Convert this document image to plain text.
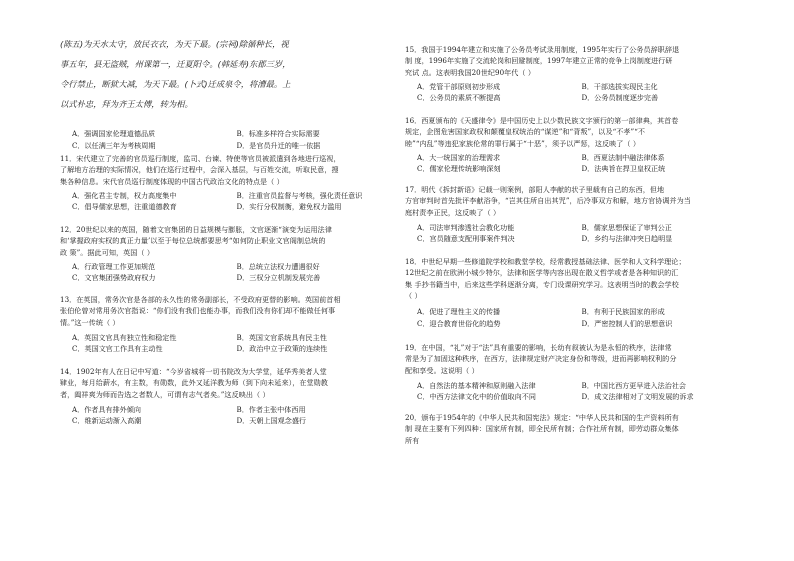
(陈五)为天水太守，放民衣衣，为天下最。(宗祠)除循种长，视

事五年，县无盗贼，州课第一，迁夏阳令。(韩延寿)东郡三岁，

令行禁止，断狱大减，为天下最。(卜式)迁成泉令，将漕最。上

以式朴忠，拜为齐王太傅，转为相。

A．强调国家伦理道德品质	B．标准多样符合实际需要
C．以任满三年为考核周期	D．是官员升迁的唯一依据

11．宋代建立了完善的官员巡行制度，监司、台谏、特使等官员被派遣到各地进行巡视，

了解地方治理的实际情况，他们在巡行过程中，会深入基层，与百姓交流，听取民意，搜

集各种信息。宋代官员巡行制度体现的中国古代政治文化的特点是（ ）

A．强化君主专制，权力高度集中	B．注重官员监督与考核，强化责任意识
C．倡导儒家思想，注重道德教育	D．实行分权制衡，避免权力滥用

12．20世纪以来的英国，随着文官集团的日益规模与膨胀，文官逐渐“演变为运用法律

和‘掌握政府实权的真正力量’以至于每位总统都要思考“如何防止职业文官阁制总统的

政 策”。据此可知，英国（ ）

A．行政管理工作更加规范	B．总统立法权力遭遇很好
C．文官集团强势政府权力	D．三权分立机制发展完善

13．在英国，常务次官是各部的永久性的常务副部长，不受政府更替的影响。英国前首相

张伯伦曾对常用务次官指说：“你们没有我们也能办事，而我们没有你们却不能做任何事

情。”这一传统（ ）

A．英国文官具有独立性和稳定性	B．英国文官系统具有民主性
C．英国文官工作具有主动性	D．政治中立于政策的连续性

14．1902年有人在日记中写道：“今岁省城将一切书院改为大学堂，延华秀美者人堂

肄业，每月给薪水，有主数，有勋数，此外又延洋教为师（到下向未延来），在堂勋教

者，阖祥爽为师而告选之者数人，可谓有志气者矣。”这反映出（ ）

A．作者具有排外倾向	B．作者主张中体西用
C．维新运动渐入高潮	D．天朝上国观念盛行

15．我国于1994年建立和实施了公务员考试录用制度，1995年实行了公务员辞职辞退

制 度，1996年实施了交流轮岗和回避制度，1997年建立正常的竞争上岗制度进行研

究试 点。这表明我国20世纪90年代（ ）

A．党管干部原则初步形成	B．干部选拔实现民主化
C．公务员的素质不断提高	D．公务员制度逐步完善

16．西夏颁布的《天盛律令》是中国历史上以少数民族文字颁行的第一部律典，其首卷

规定，企图危害国家政权和颠覆皇权统治的“谋逆”和“背叛”，以及“不孝”“不

睦”“内乱”等违犯家族伦常的罪行属于“十恶”，须予以严惩，这反映了（ ）

A．大一统国家的治理需求	B．西夏法制中融法律体系
C．儒家伦理传统影响深刻	D．法典旨在捍卫皇权正统

17．明代《拆封新语》记载一则案例，部阳人李献的状子里载有自己的东西，但地

方官审判时首先批评李献浴争，“岂其住所自出其咒”，后冷事双方和解，地方官协调并为当

庭村责李正民，这反映了（ ）

A．司法审判渗透社会教化功能	B．儒家思想保证了审判公正
C．宫员随意支配刑事案件判决	D．乡约与法律冲突日趋明显

18．中世纪早期一些修道院学校和教堂学校，经常教授基础法律、医学和人文科学理论；

12世纪之前在欧洲小城少特尔，法律和医学等内容出现在散义哲学或者是各种知识的汇

集 手抄书籍当中，后来这些学科逐渐分离，专门设课研究学习。这表明当时的教会学校

（ ）

A．促进了理性主义的传播	B．有利于民族国家的形成
C．迎合教育世俗化的趋势	D．严密控制人们的思想意识

19．在中国，“礼”对于“法”具有重要的影响，长幼有叙被认为是永恒的秩序，法律常

常是为了加固这种秩序，在西方，法律规定财产决定身份和等级，进而再影响权利的分

配和享受。这说明（ ）

A．自然法的基本精神和原则融入法律	B．中国比西方更早进入法治社会
C．中西方法律文化中的价值取向不同	D．成文法律相对了文明发展的诉求

20．颁布于1954年的《中华人民共和国宪法》规定：“中华人民共和国的生产资料所有

制 现在主要有下列四种：国家所有制，即全民所有制；合作社所有制，即劳动群众集体

所有
